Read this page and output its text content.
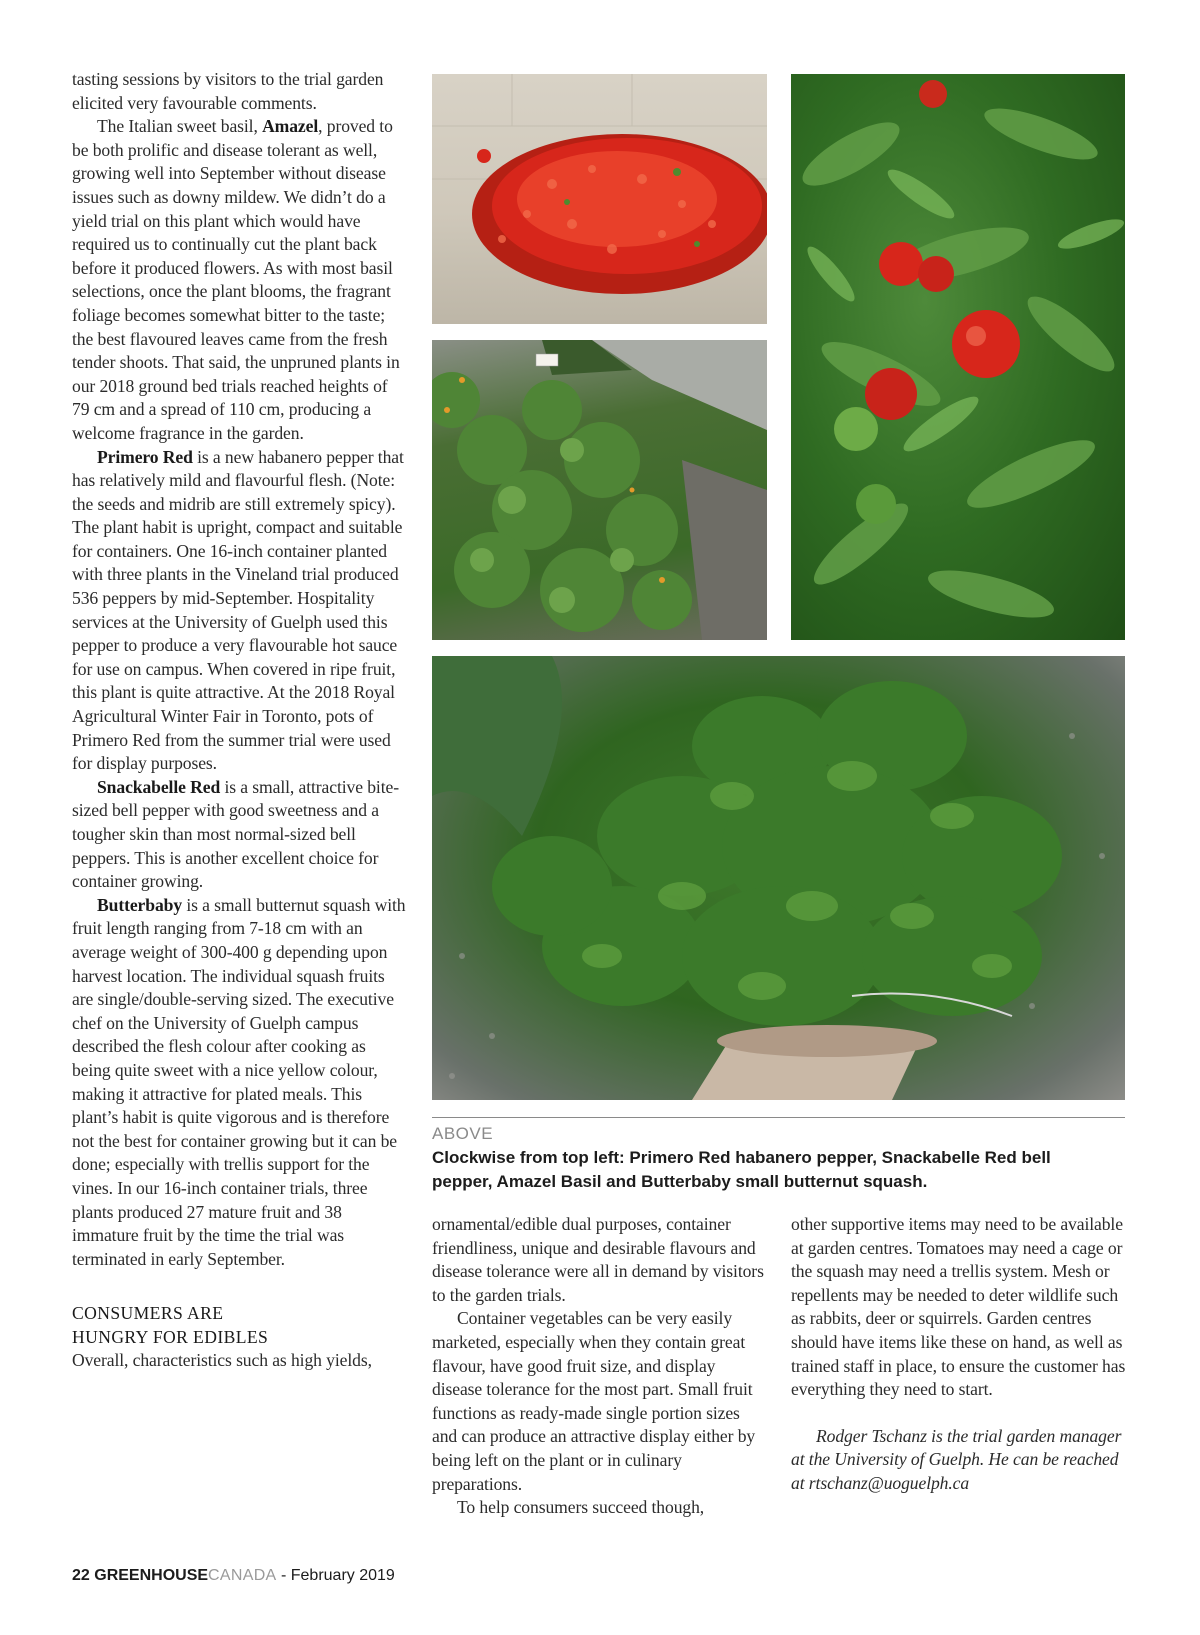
tasting sessions by visitors to the trial garden elicited very favourable comments.

The Italian sweet basil, Amazel, proved to be both prolific and disease tolerant as well, growing well into September without disease issues such as downy mildew. We didn’t do a yield trial on this plant which would have required us to continually cut the plant back before it produced flowers. As with most basil selections, once the plant blooms, the fragrant foliage becomes somewhat bitter to the taste; the best flavoured leaves came from the fresh tender shoots. That said, the unpruned plants in our 2018 ground bed trials reached heights of 79 cm and a spread of 110 cm, producing a welcome fragrance in the garden.

Primero Red is a new habanero pepper that has relatively mild and flavourful flesh. (Note: the seeds and midrib are still extremely spicy). The plant habit is upright, compact and suitable for containers. One 16-inch container planted with three plants in the Vineland trial produced 536 peppers by mid-September. Hospitality services at the University of Guelph used this pepper to produce a very flavourable hot sauce for use on campus. When covered in ripe fruit, this plant is quite attractive. At the 2018 Royal Agricultural Winter Fair in Toronto, pots of Primero Red from the summer trial were used for display purposes.

Snackabelle Red is a small, attractive bite-sized bell pepper with good sweetness and a tougher skin than most normal-sized bell peppers. This is another excellent choice for container growing.

Butterbaby is a small butternut squash with fruit length ranging from 7-18 cm with an average weight of 300-400 g depending upon harvest location. The individual squash fruits are single/double-serving sized. The executive chef on the University of Guelph campus described the flesh colour after cooking as being quite sweet with a nice yellow colour, making it attractive for plated meals. This plant’s habit is quite vigorous and is therefore not the best for container growing but it can be done; especially with trellis support for the vines. In our 16-inch container trials, three plants produced 27 mature fruit and 38 immature fruit by the time the trial was terminated in early September.

CONSUMERS ARE
HUNGRY FOR EDIBLES

Overall, characteristics such as high yields,

ABOVE
Clockwise from top left: Primero Red habanero pepper, Snackabelle Red bell pepper, Amazel Basil and Butterbaby small butternut squash.

ornamental/edible dual purposes, container friendliness, unique and desirable flavours and disease tolerance were all in demand by visitors to the garden trials.

Container vegetables can be very easily marketed, especially when they contain great flavour, have good fruit size, and display disease tolerance for the most part. Small fruit functions as ready-made single portion sizes and can produce an attractive display either by being left on the plant or in culinary preparations.

To help consumers succeed though,

other supportive items may need to be available at garden centres. Tomatoes may need a cage or the squash may need a trellis system. Mesh or repellents may be needed to deter wildlife such as rabbits, deer or squirrels. Garden centres should have items like these on hand, as well as trained staff in place, to ensure the customer has everything they need to start.

Rodger Tschanz is the trial garden manager at the University of Guelph. He can be reached at rtschanz@uoguelph.ca

22 GREENHOUSECANADA - February 2019
